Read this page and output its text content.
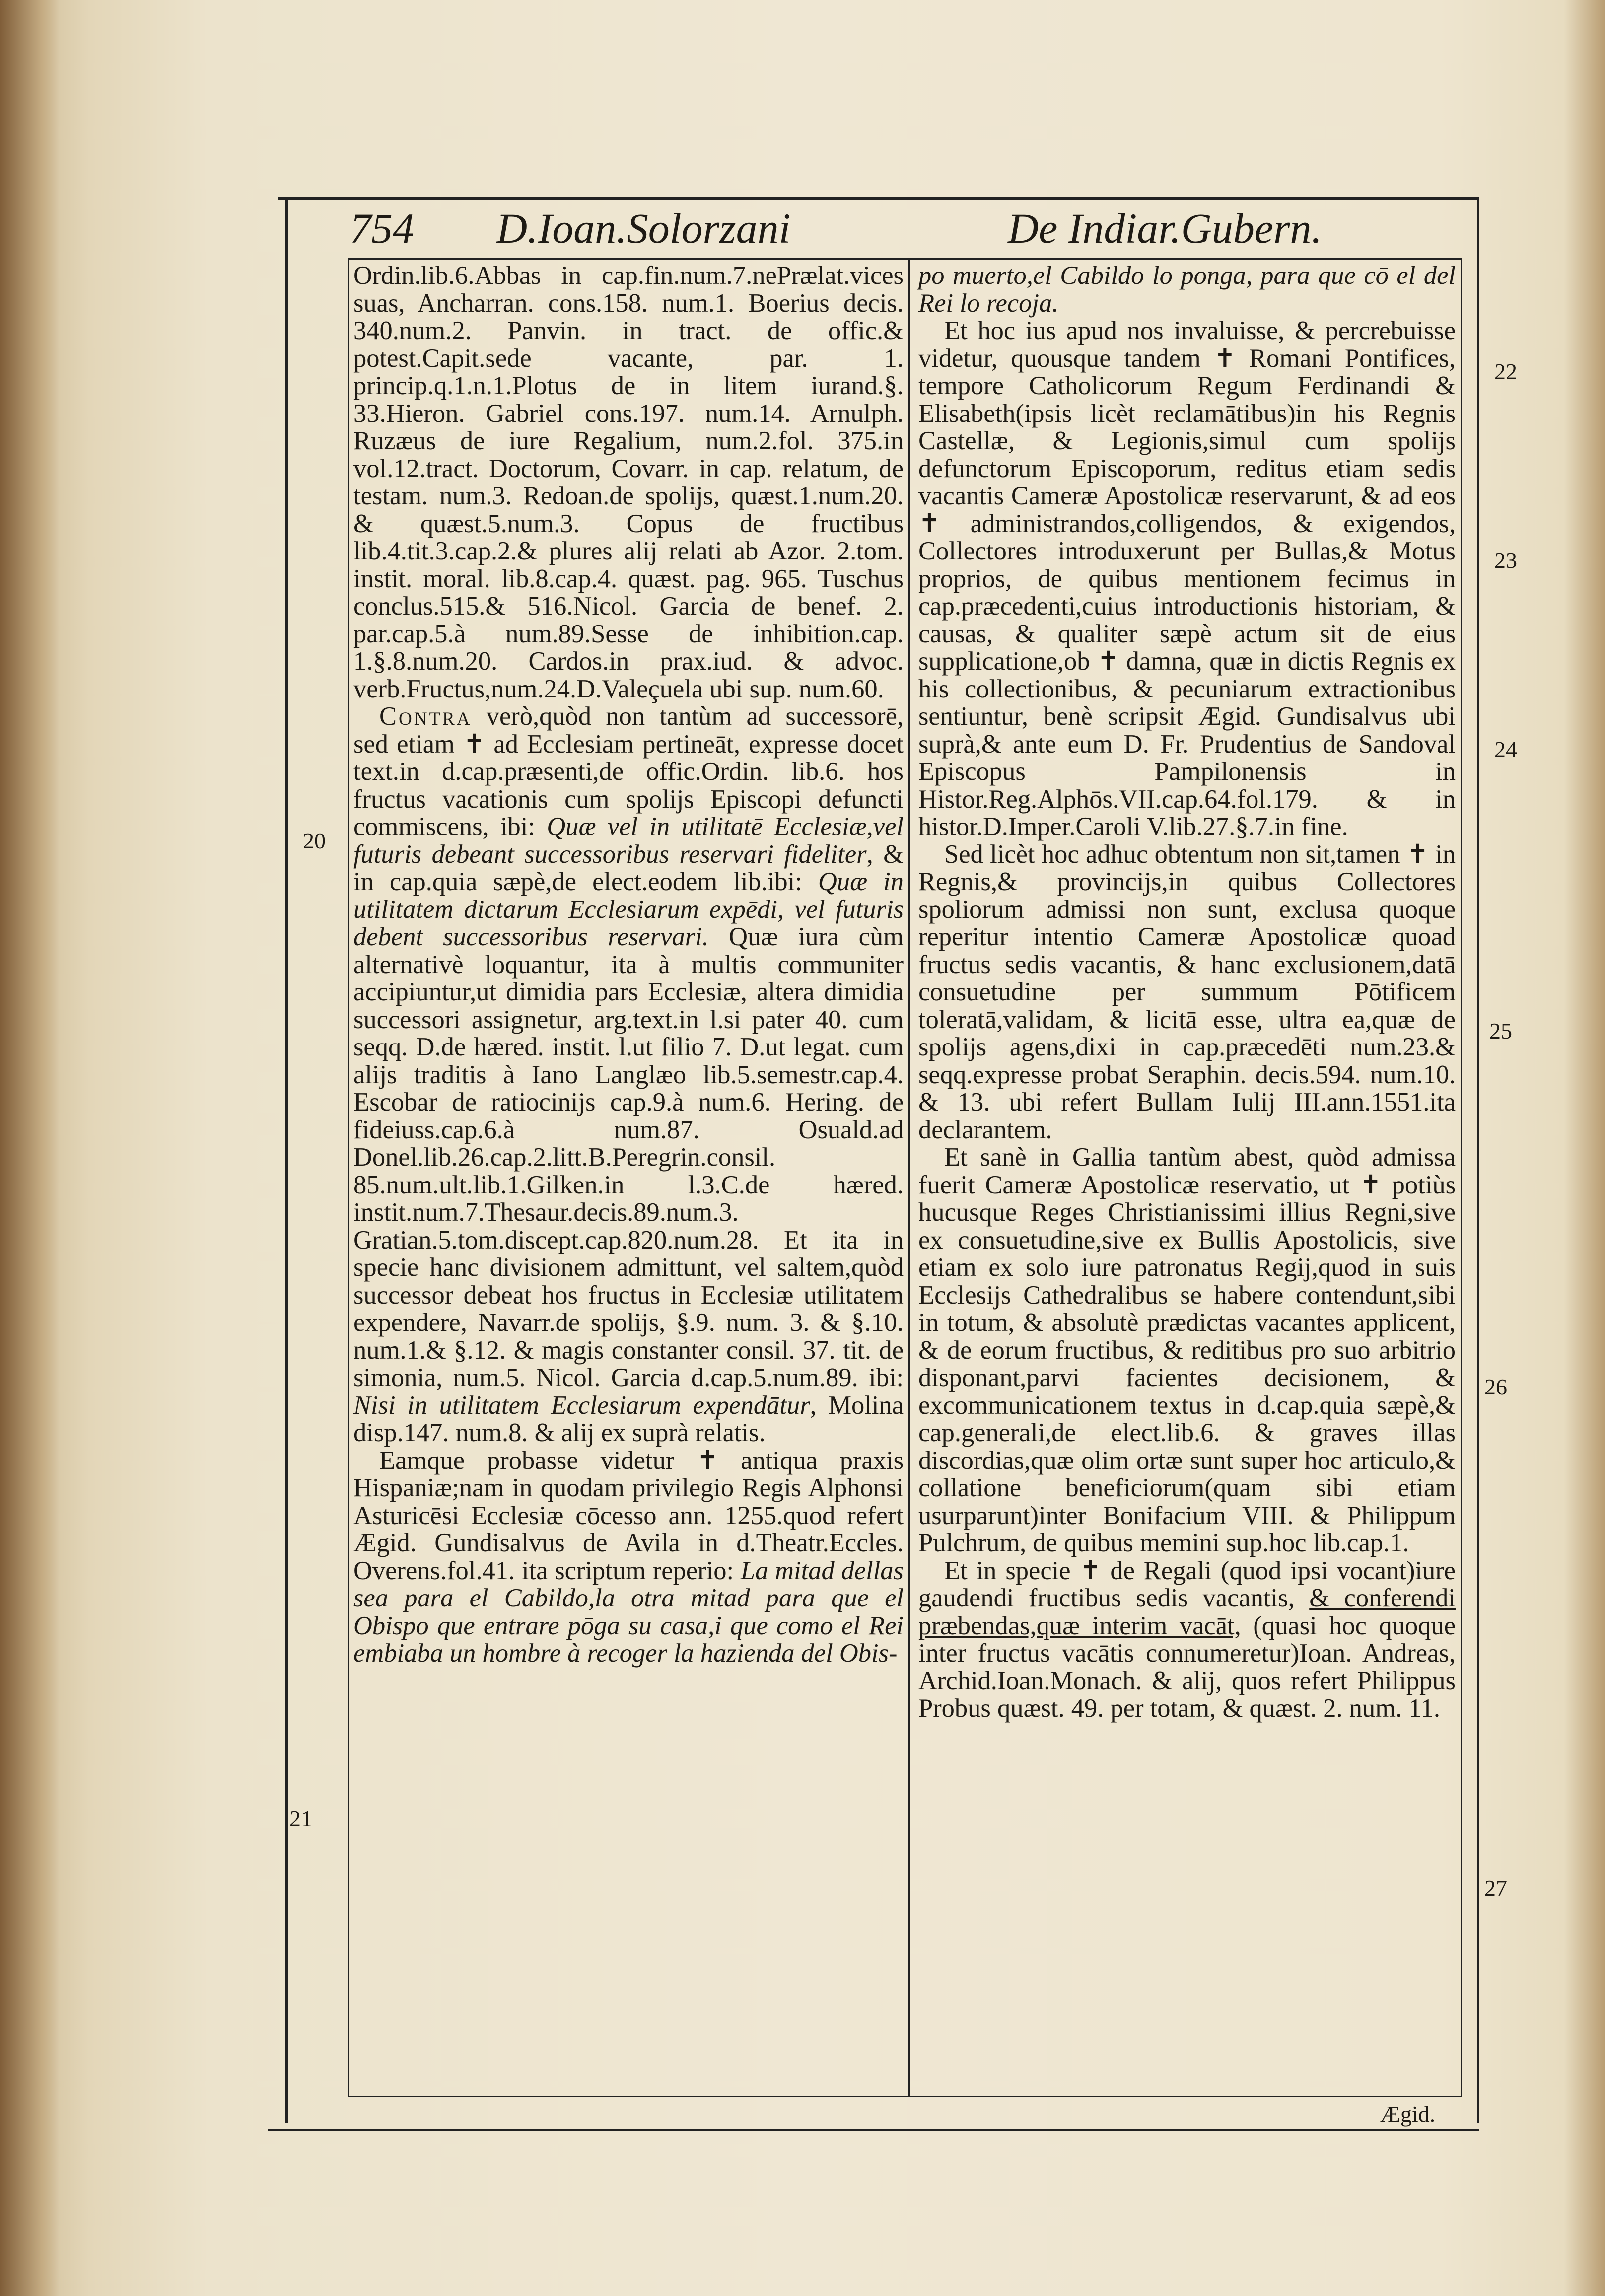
754 D.Ioan.Solorzani	De Indiar.Gubern.

Ordin.lib.6.Abbas in cap.fin.num.7.nePrælat.vices suas, Ancharran. cons.158. num.1. Boerius decis. 340.num.2. Panvin. in tract. de offic.& potest.Capit.sede vacante, par. 1. princip.q.1.n.1.Plotus de in litem iurand.§. 33.Hieron. Gabriel cons.197. num.14. Arnulph. Ruzæus de iure Regalium, num.2.fol. 375.in vol.12.tract. Doctorum, Covarr. in cap. relatum, de testam. num.3. Redoan.de spolijs, quæst.1.num.20. & quæst.5.num.3. Copus de fructibus lib.4.tit.3.cap.2.& plures alij relati ab Azor. 2.tom. instit. moral. lib.8.cap.4. quæst. pag. 965. Tuschus conclus.515.& 516.Nicol. Garcia de benef. 2. par.cap.5.à num.89.Sesse de inhibition.cap. 1.§.8.num.20. Cardos.in prax.iud. & advoc. verb.Fructus,num.24.D.Valeçuela ubi sup. num.60.

Contra verò,quòd non tantùm ad successorē, sed etiam ✝ ad Ecclesiam pertineāt, expresse docet text.in d.cap.præsenti,de offic.Ordin. lib.6. hos fructus vacationis cum spolijs Episcopi defuncti commiscens, ibi: Quæ vel in utilitatē Ecclesiæ,vel futuris debeant successoribus reservari fideliter, & in cap.quia sæpè,de elect.eodem lib.ibi: Quæ in utilitatem dictarum Ecclesiarum expēdi, vel futuris debent successoribus reservari. Quæ iura cùm alternativè loquantur, ita à multis communiter accipiuntur,ut dimidia pars Ecclesiæ, altera dimidia successori assignetur, arg.text.in l.si pater 40. cum seqq. D.de hæred. instit. l.ut filio 7. D.ut legat. cum alijs traditis à Iano Langlæo lib.5.semestr.cap.4. Escobar de ratiocinijs cap.9.à num.6. Hering. de fideiuss.cap.6.à num.87. Osuald.ad Donel.lib.26.cap.2.litt.B.Peregrin.consil. 85.num.ult.lib.1.Gilken.in l.3.C.de hæred. instit.num.7.Thesaur.decis.89.num.3. Gratian.5.tom.discept.cap.820.num.28. Et ita in specie hanc divisionem admittunt, vel saltem,quòd successor debeat hos fructus in Ecclesiæ utilitatem expendere, Navarr.de spolijs, §.9. num. 3. & §.10. num.1.& §.12. & magis constanter consil. 37. tit. de simonia, num.5. Nicol. Garcia d.cap.5.num.89. ibi: Nisi in utilitatem Ecclesiarum expendātur, Molina disp.147. num.8. & alij ex suprà relatis.

Eamque probasse videtur ✝ antiqua praxis Hispaniæ;nam in quodam privilegio Regis Alphonsi Asturicēsi Ecclesiæ cōcesso ann. 1255.quod refert Ægid. Gundisalvus de Avila in d.Theatr.Eccles. Overens.fol.41. ita scriptum reperio: La mitad dellas sea para el Cabildo,la otra mitad para que el Obispo que entrare pōga su casa,i que como el Rei embiaba un hombre à recoger la hazienda del Obis-

po muerto,el Cabildo lo ponga, para que cō el del Rei lo recoja.

Et hoc ius apud nos invaluisse, & percrebuisse videtur, quousque tandem ✝ Romani Pontifices, tempore Catholicorum Regum Ferdinandi & Elisabeth(ipsis licèt reclamātibus)in his Regnis Castellæ, & Legionis,simul cum spolijs defunctorum Episcoporum, reditus etiam sedis vacantis Cameræ Apostolicæ reservarunt, & ad eos ✝ administrandos,colligendos, & exigendos, Collectores introduxerunt per Bullas,& Motus proprios, de quibus mentionem fecimus in cap.præcedenti,cuius introductionis historiam, & causas, & qualiter sæpè actum sit de eius supplicatione,ob ✝ damna, quæ in dictis Regnis ex his collectionibus, & pecuniarum extractionibus sentiuntur, benè scripsit Ægid. Gundisalvus ubi suprà,& ante eum D. Fr. Prudentius de Sandoval Episcopus Pampilonensis in Histor.Reg.Alphōs.VII.cap.64.fol.179. & in histor.D.Imper.Caroli V.lib.27.§.7.in fine.

Sed licèt hoc adhuc obtentum non sit,tamen ✝ in Regnis,& provincijs,in quibus Collectores spoliorum admissi non sunt, exclusa quoque reperitur intentio Cameræ Apostolicæ quoad fructus sedis vacantis, & hanc exclusionem,datā consuetudine per summum Pōtificem toleratā,validam, & licitā esse, ultra ea,quæ de spolijs agens,dixi in cap.præcedēti num.23.& seqq.expresse probat Seraphin. decis.594. num.10. & 13. ubi refert Bullam Iulij III.ann.1551.ita declarantem.

Et sanè in Gallia tantùm abest, quòd admissa fuerit Cameræ Apostolicæ reservatio, ut ✝ potiùs hucusque Reges Christianissimi illius Regni,sive ex consuetudine,sive ex Bullis Apostolicis, sive etiam ex solo iure patronatus Regij,quod in suis Ecclesijs Cathedralibus se habere contendunt,sibi in totum, & absolutè prædictas vacantes applicent, & de eorum fructibus, & reditibus pro suo arbitrio disponant,parvi facientes decisionem, & excommunicationem textus in d.cap.quia sæpè,& cap.generali,de elect.lib.6. & graves illas discordias,quæ olim ortæ sunt super hoc articulo,& collatione beneficiorum(quam sibi etiam usurparunt)inter Bonifacium VIII. & Philippum Pulchrum, de quibus memini sup.hoc lib.cap.1.

Et in specie ✝ de Regali (quod ipsi vocant)iure gaudendi fructibus sedis vacantis, & conferendi præbendas,quæ interim vacāt, (quasi hoc quoque inter fructus vacātis connumeretur)Ioan. Andreas, Archid.Ioan.Monach. & alij, quos refert Philippus Probus quæst. 49. per totam, & quæst. 2. num. 11.

20
21
22
23
24
25
26
27
Ægid.
